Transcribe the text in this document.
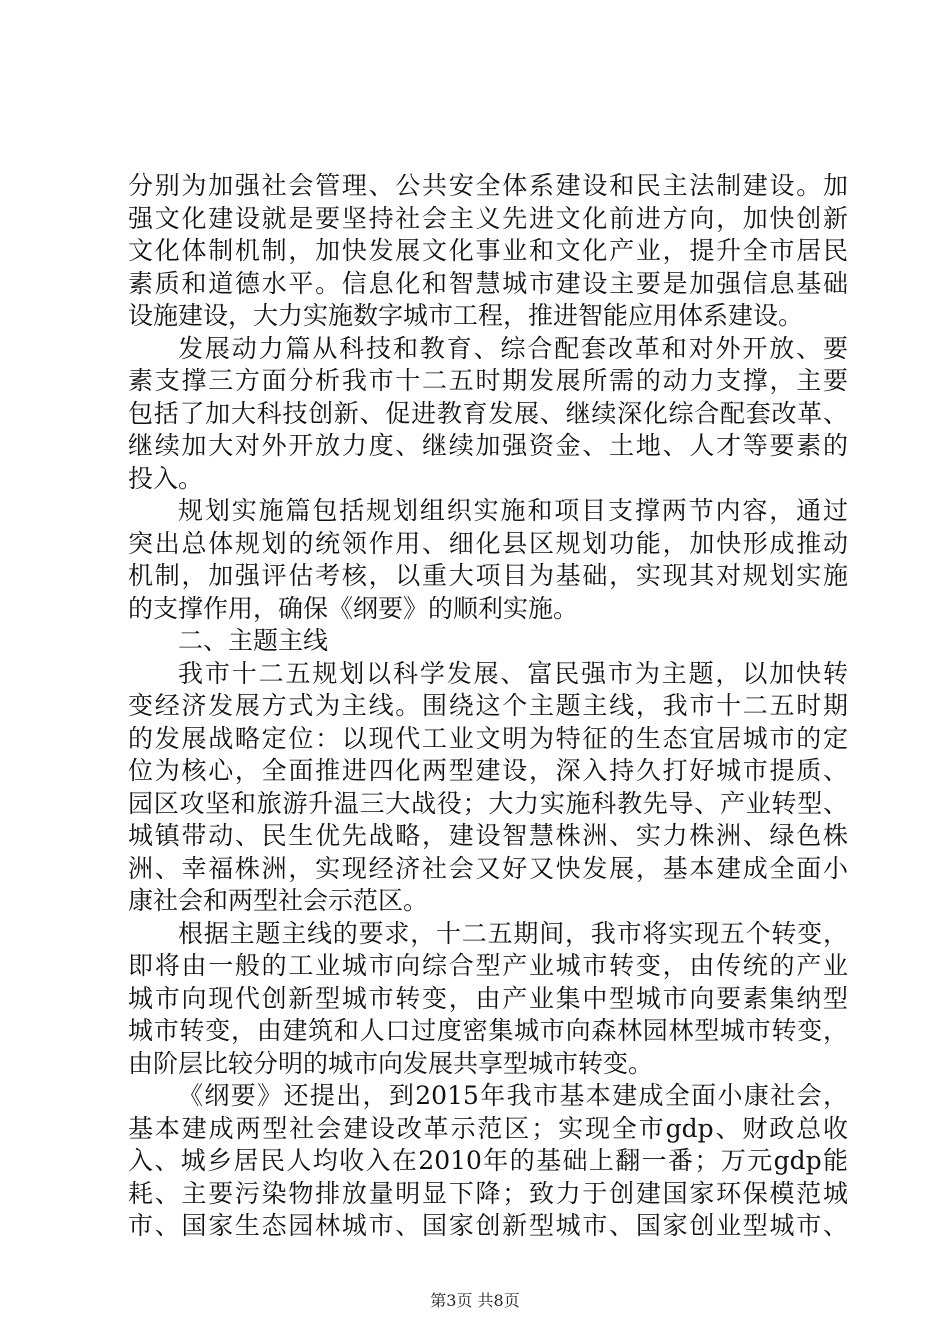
分别为加强社会管理、公共安全体系建设和民主法制建设。加
强文化建设就是要坚持社会主义先进文化前进方向，加快创新
文化体制机制，加快发展文化事业和文化产业，提升全市居民
素质和道德水平。信息化和智慧城市建设主要是加强信息基础
设施建设，大力实施数字城市工程，推进智能应用体系建设。
发展动力篇从科技和教育、综合配套改革和对外开放、要
素支撑三方面分析我市十二五时期发展所需的动力支撑，主要
包括了加大科技创新、促进教育发展、继续深化综合配套改革、
继续加大对外开放力度、继续加强资金、土地、人才等要素的
投入。
规划实施篇包括规划组织实施和项目支撑两节内容，通过
突出总体规划的统领作用、细化县区规划功能，加快形成推动
机制，加强评估考核，以重大项目为基础，实现其对规划实施
的支撑作用，确保《纲要》的顺利实施。
二、主题主线
我市十二五规划以科学发展、富民强市为主题，以加快转
变经济发展方式为主线。围绕这个主题主线，我市十二五时期
的发展战略定位：以现代工业文明为特征的生态宜居城市的定
位为核心，全面推进四化两型建设，深入持久打好城市提质、
园区攻坚和旅游升温三大战役；大力实施科教先导、产业转型、
城镇带动、民生优先战略，建设智慧株洲、实力株洲、绿色株
洲、幸福株洲，实现经济社会又好又快发展，基本建成全面小
康社会和两型社会示范区。
根据主题主线的要求，十二五期间，我市将实现五个转变，
即将由一般的工业城市向综合型产业城市转变，由传统的产业
城市向现代创新型城市转变，由产业集中型城市向要素集纳型
城市转变，由建筑和人口过度密集城市向森林园林型城市转变，
由阶层比较分明的城市向发展共享型城市转变。
《纲要》还提出，到2015年我市基本建成全面小康社会，
基本建成两型社会建设改革示范区；实现全市gdp、财政总收
入、城乡居民人均收入在2010年的基础上翻一番；万元gdp能
耗、主要污染物排放量明显下降；致力于创建国家环保模范城
市、国家生态园林城市、国家创新型城市、国家创业型城市、
第3页 共8页
